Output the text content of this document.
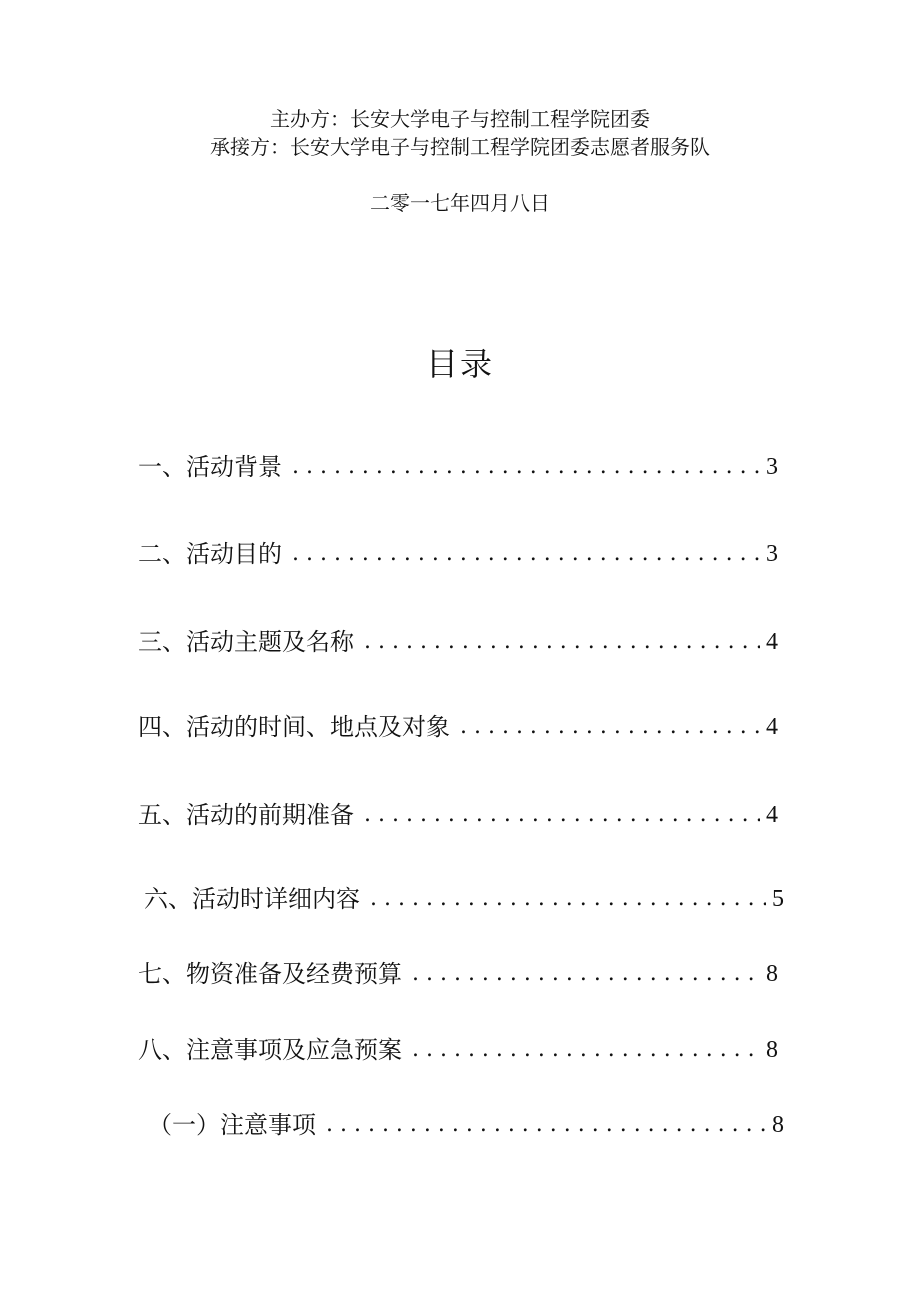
主办方：长安大学电子与控制工程学院团委
承接方：长安大学电子与控制工程学院团委志愿者服务队
二零一七年四月八日
目录
一、活动背景 . . .	3
二、活动目的 . . .	3
三、活动主题及名称 . . .	4
四、活动的时间、地点及对象 . . .	4
五、活动的前期准备 . . .	4
六、活动时详细内容 . . .	5
七、物资准备及经费预算 . . .	8
八、注意事项及应急预案 . . .	8
（一）注意事项 . . .	8
